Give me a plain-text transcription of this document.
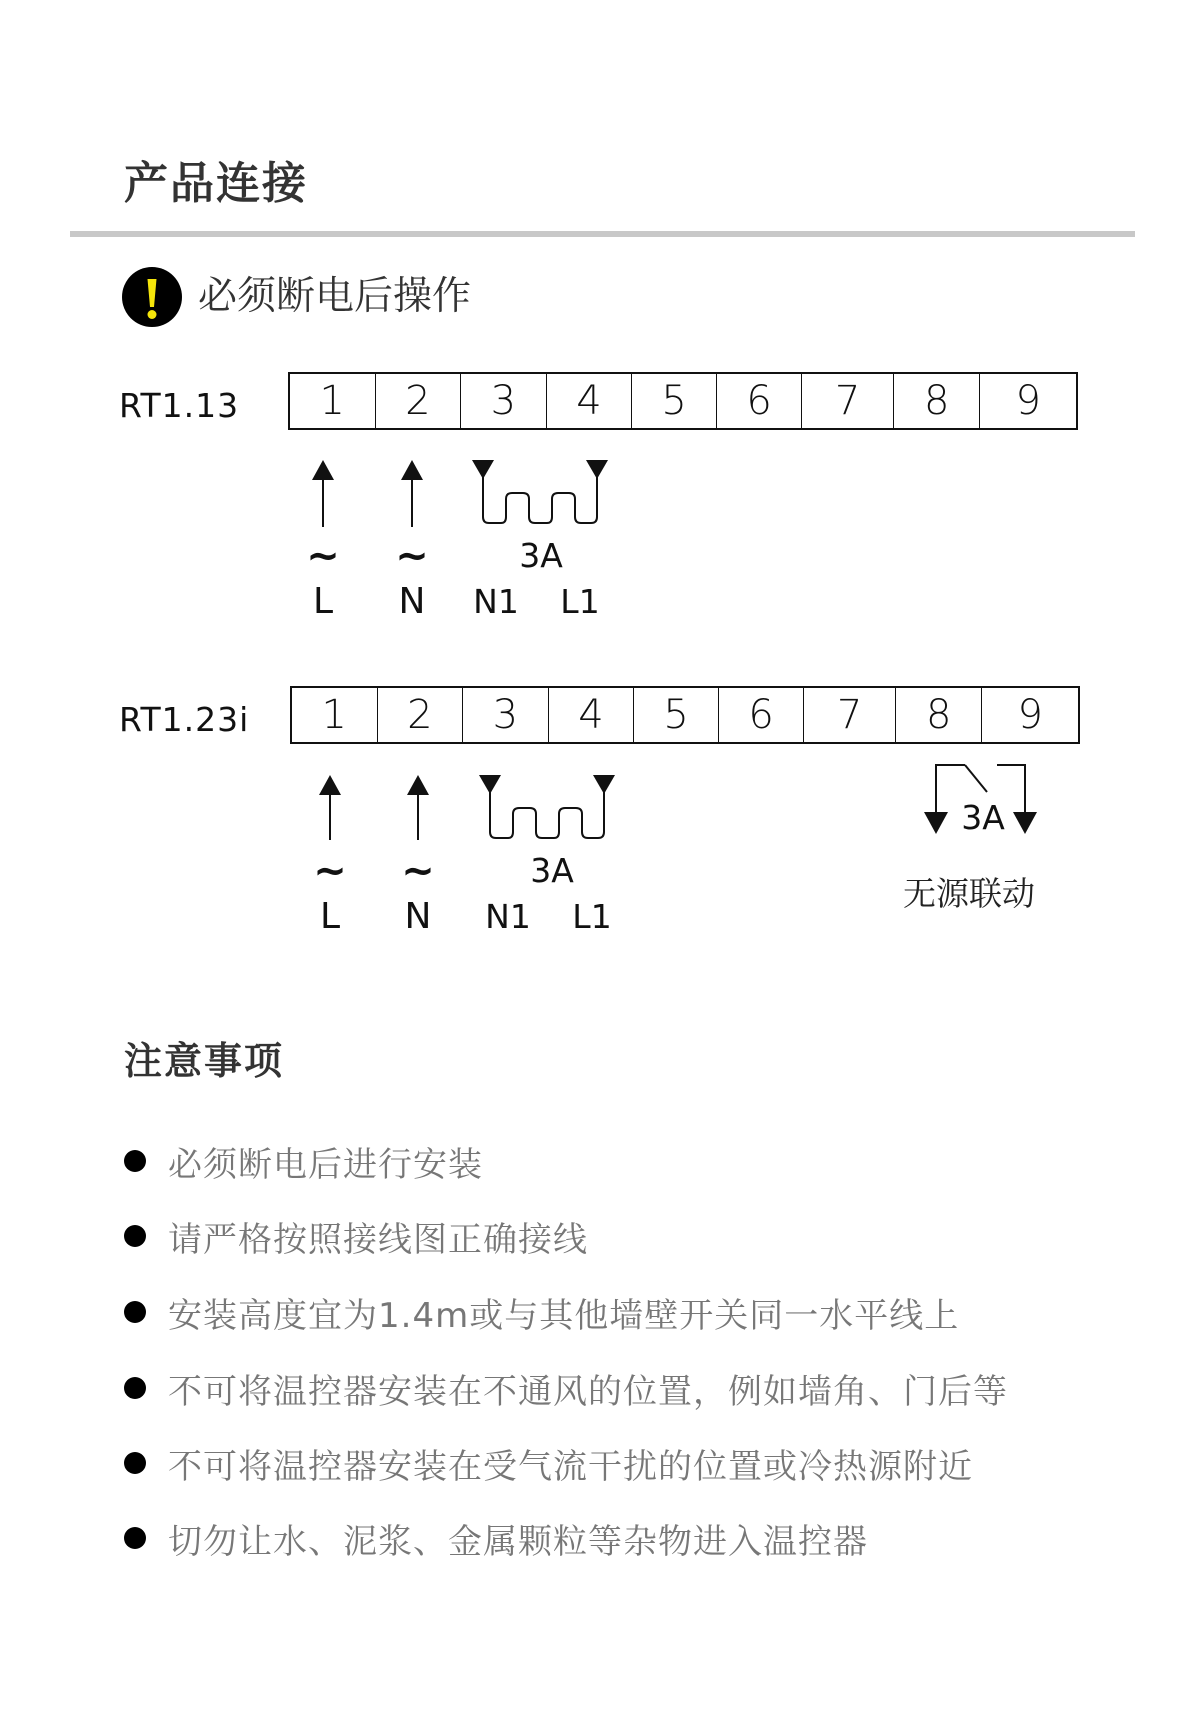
产品连接
必须断电后操作
RT1.13	1	2	3	4	5	6	7	8	9
RT1.23i	1	2	3	4	5	6	7	8	9
~ ~	3A
L N N1 L1
~ ~	3A
L N N1 L1
3A
无源联动
注意事项
必须断电后进行安装
请严格按照接线图正确接线
安装高度宜为1.4m或与其他墙壁开关同一水平线上
不可将温控器安装在不通风的位置，例如墙角、门后等
不可将温控器安装在受气流干扰的位置或冷热源附近
切勿让水、泥浆、金属颗粒等杂物进入温控器
